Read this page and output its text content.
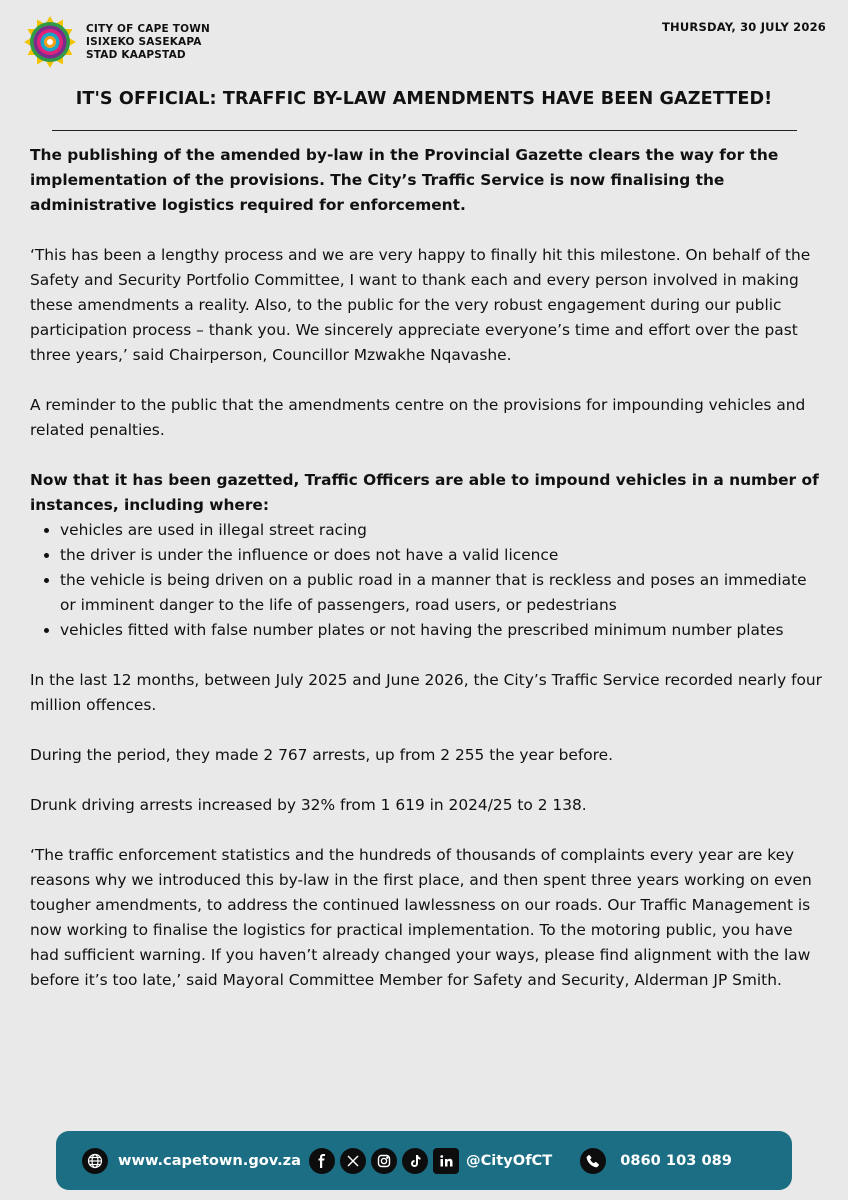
CITY OF CAPE TOWN
ISIXEKO SASEKAPA
STAD KAAPSTAD
THURSDAY, 30 JULY 2026
IT'S OFFICIAL: TRAFFIC BY-LAW AMENDMENTS HAVE BEEN GAZETTED!

The publishing of the amended by-law in the Provincial Gazette clears the way for the implementation of the provisions. The City’s Traffic Service is now finalising the administrative logistics required for enforcement.

‘This has been a lengthy process and we are very happy to finally hit this milestone. On behalf of the Safety and Security Portfolio Committee, I want to thank each and every person involved in making these amendments a reality. Also, to the public for the very robust engagement during our public participation process – thank you. We sincerely appreciate everyone’s time and effort over the past three years,’ said Chairperson, Councillor Mzwakhe Nqavashe.

A reminder to the public that the amendments centre on the provisions for impounding vehicles and related penalties.

Now that it has been gazetted, Traffic Officers are able to impound vehicles in a number of instances, including where:

• vehicles are used in illegal street racing
• the driver is under the influence or does not have a valid licence
• the vehicle is being driven on a public road in a manner that is reckless and poses an immediate or imminent danger to the life of passengers, road users, or pedestrians
• vehicles fitted with false number plates or not having the prescribed minimum number plates

In the last 12 months, between July 2025 and June 2026, the City’s Traffic Service recorded nearly four million offences.

During the period, they made 2 767 arrests, up from 2 255 the year before.

Drunk driving arrests increased by 32% from 1 619 in 2024/25 to 2 138.

‘The traffic enforcement statistics and the hundreds of thousands of complaints every year are key reasons why we introduced this by-law in the first place, and then spent three years working on even tougher amendments, to address the continued lawlessness on our roads. Our Traffic Management is now working to finalise the logistics for practical implementation. To the motoring public, you have had sufficient warning. If you haven’t already changed your ways, please find alignment with the law before it’s too late,’ said Mayoral Committee Member for Safety and Security, Alderman JP Smith.

www.capetown.gov.za	@CityOfCT	0860 103 089
